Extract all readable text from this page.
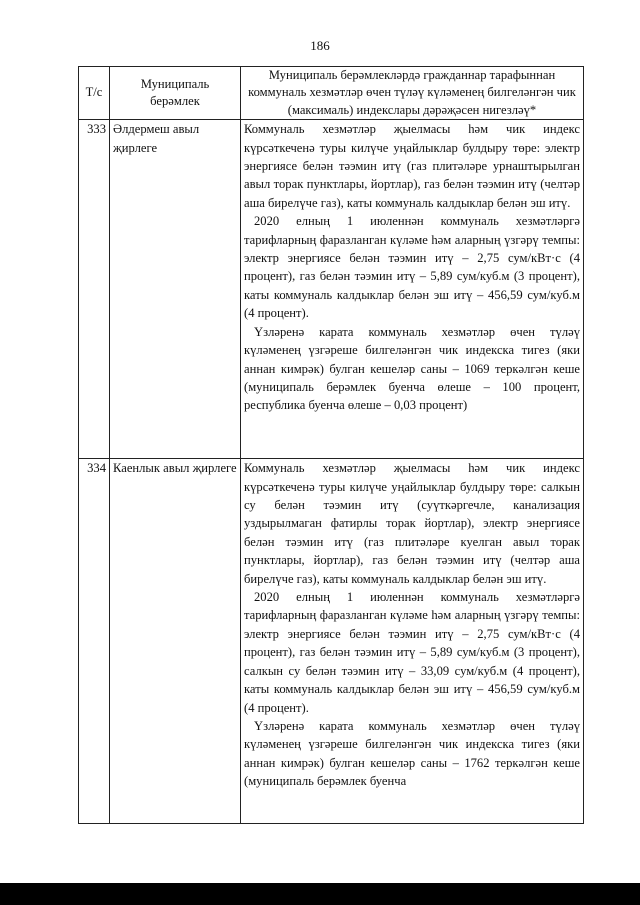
186
Т/с	Муниципаль берәмлек	Муниципаль берәмлекләрдә гражданнар тарафыннан коммуналь хезмәтләр өчен түләү күләменең билгеләнгән чик (максималь) индекслары дәрәҗәсен нигезләү*
333	Әлдермеш авыл җирлеге	Коммуналь хезмәтләр җыелмасы һәм чик индекс күрсәткеченә туры килүче уңайлыклар булдыру төре: электр энергиясе белән тәэмин итү (газ плитәләре урнаштырылган авыл торак пунктлары, йортлар), газ белән тәэмин итү (челтәр аша бирелүче газ), каты коммуналь калдыклар белән эш итү.

2020 елның 1 июленнән коммуналь хезмәтләргә тарифларның фаразланган күләме һәм аларның үзгәрү темпы: электр энергиясе белән тәэмин итү – 2,75 сум/кВт·с (4 процент), газ белән тәэмин итү – 5,89 сум/куб.м (3 процент), каты коммуналь калдыклар белән эш итү – 456,59 сум/куб.м (4 процент).

Үзләренә карата коммуналь хезмәтләр өчен түләү күләменең үзгәреше билгеләнгән чик индекска тигез (яки аннан кимрәк) булган кешеләр саны – 1069 теркәлгән кеше (муниципаль берәмлек буенча өлеше – 100 процент, республика буенча өлеше – 0,03 процент)

334	Каенлык авыл җирлеге	Коммуналь хезмәтләр җыелмасы һәм чик индекс күрсәткеченә туры килүче уңайлыклар булдыру төре: салкын су белән тәэмин итү (суүткәргечле, канализация уздырылмаган фатирлы торак йортлар), электр энергиясе белән тәэмин итү (газ плитәләре куелган авыл торак пунктлары, йортлар), газ белән тәэмин итү (челтәр аша бирелүче газ), каты коммуналь калдыклар белән эш итү.

2020 елның 1 июленнән коммуналь хезмәтләргә тарифларның фаразланган күләме һәм аларның үзгәрү темпы: электр энергиясе белән тәэмин итү – 2,75 сум/кВт·с (4 процент), газ белән тәэмин итү – 5,89 сум/куб.м (3 процент), салкын су белән тәэмин итү – 33,09 сум/куб.м (4 процент), каты коммуналь калдыклар белән эш итү – 456,59 сум/куб.м (4 процент).

Үзләренә карата коммуналь хезмәтләр өчен түләү күләменең үзгәреше билгеләнгән чик индекска тигез (яки аннан кимрәк) булган кешеләр саны – 1762 теркәлгән кеше (муниципаль берәмлек буенча
